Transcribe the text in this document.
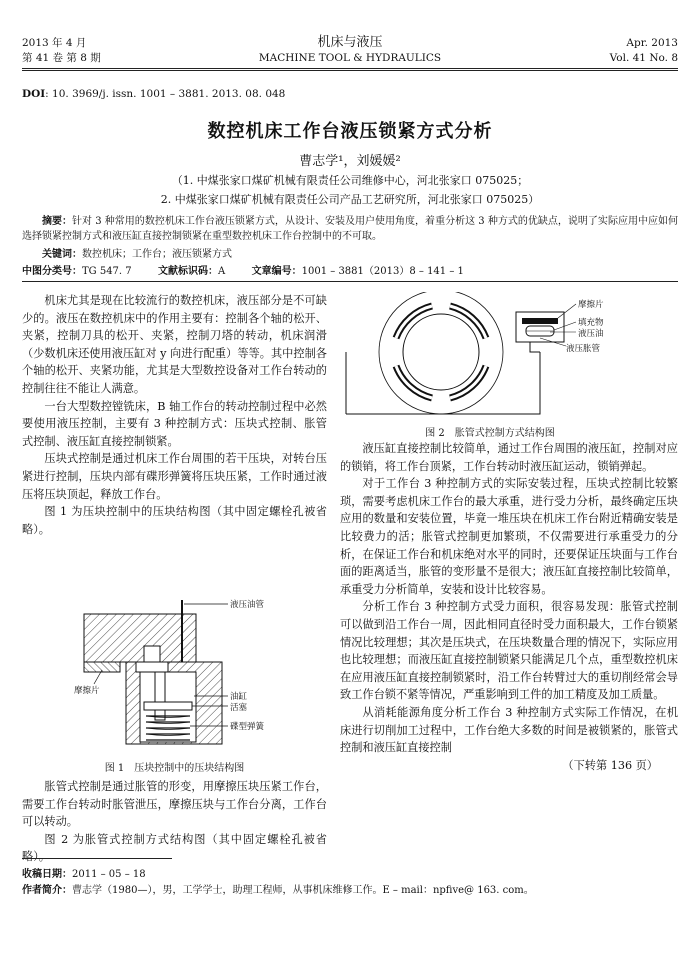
2013 年 4 月
第 41 卷 第 8 期
机床与液压
MACHINE TOOL & HYDRAULICS
Apr. 2013
Vol. 41 No. 8
DOI: 10. 3969/j. issn. 1001 – 3881. 2013. 08. 048
数控机床工作台液压锁紧方式分析
曹志学¹，刘媛媛²
（1. 中煤张家口煤矿机械有限责任公司维修中心，河北张家口 075025；
2. 中煤张家口煤矿机械有限责任公司产品工艺研究所，河北张家口 075025）
摘要：针对 3 种常用的数控机床工作台液压锁紧方式，从设计、安装及用户使用角度，着重分析这 3 种方式的优缺点，说明了实际应用中应如何选择锁紧控制方式和液压缸直接控制锁紧在重型数控机床工作台控制中的不可取。
关键词：数控机床；工作台；液压锁紧方式
中图分类号：TG 547. 7	文献标识码：A	文章编号：1001 – 3881（2013）8 – 141 – 1

机床尤其是现在比较流行的数控机床，液压部分是不可缺少的。液压在数控机床中的作用主要有：控制各个轴的松开、夹紧，控制刀具的松开、夹紧，控制刀塔的转动，机床润滑（少数机床还使用液压缸对 y 向进行配重）等等。其中控制各个轴的松开、夹紧功能，尤其是大型数控设备对工作台转动的控制往往不能让人满意。

一台大型数控镗铣床，B 轴工作台的转动控制过程中必然要使用液压控制，主要有 3 种控制方式：压块式控制、胀管式控制、液压缸直接控制锁紧。

压块式控制是通过机床工作台周围的若干压块，对转台压紧进行控制，压块内部有碟形弹簧将压块压紧，工作时通过液压将压块顶起，释放工作台。

图 1 为压块控制中的压块结构图（其中固定螺栓孔被省略）。

液压油管
摩擦片
油缸
活塞
碟型弹簧
图 1　压块控制中的压块结构图

胀管式控制是通过胀管的形变，用摩擦压块压紧工作台，需要工作台转动时胀管泄压，摩擦压块与工作台分离，工作台可以转动。

图 2 为胀管式控制方式结构图（其中固定螺栓孔被省略）。

摩擦片
填充物
液压油
液压胀管
图 2　胀管式控制方式结构图

液压缸直接控制比较简单，通过工作台周围的液压缸，控制对应的锁销，将工作台顶紧，工作台转动时液压缸运动，锁销弹起。

对于工作台 3 种控制方式的实际安装过程，压块式控制比较繁琐，需要考虑机床工作台的最大承重，进行受力分析，最终确定压块应用的数量和安装位置，毕竟一堆压块在机床工作台附近精确安装是比较费力的活；胀管式控制更加繁琐，不仅需要进行承重受力的分析，在保证工作台和机床绝对水平的同时，还要保证压块面与工作台面的距离适当，胀管的变形量不是很大；液压缸直接控制比较简单，承重受力分析简单，安装和设计比较容易。

分析工作台 3 种控制方式受力面积，很容易发现：胀管式控制可以做到沿工作台一周，因此相同直径时受力面积最大，工作台锁紧情况比较理想；其次是压块式，在压块数量合理的情况下，实际应用也比较理想；而液压缸直接控制锁紧只能满足几个点，重型数控机床在应用液压缸直接控制锁紧时，沿工作台转臂过大的重切削经常会导致工作台锁不紧等情况，严重影响到工件的加工精度及加工质量。

从消耗能源角度分析工作台 3 种控制方式实际工作情况，在机床进行切削加工过程中，工作台绝大多数的时间是被锁紧的，胀管式控制和液压缸直接控制

（下转第 136 页）
收稿日期：2011 – 05 – 18
作者简介：曹志学（1980—），男，工学学士，助理工程师，从事机床维修工作。E – mail：npfive@ 163. com。
